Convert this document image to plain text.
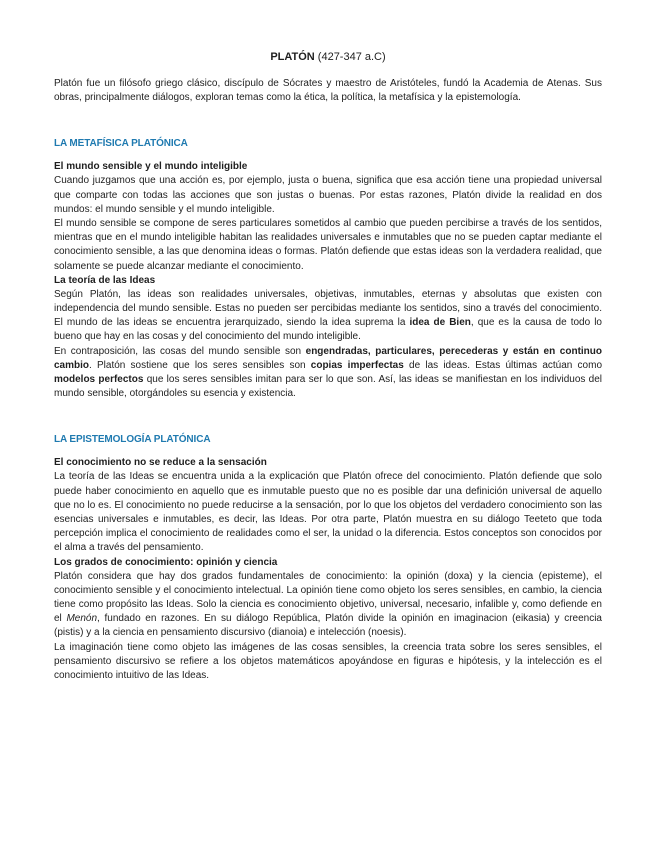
PLATÓN (427-347 a.C)

Platón fue un filósofo griego clásico, discípulo de Sócrates y maestro de Aristóteles, fundó la Academia de Atenas. Sus obras, principalmente diálogos, exploran temas como la ética, la política, la metafísica y la epistemología.

LA METAFÍSICA PLATÓNICA
El mundo sensible y el mundo inteligible

Cuando juzgamos que una acción es, por ejemplo, justa o buena, significa que esa acción tiene una propiedad universal que comparte con todas las acciones que son justas o buenas. Por estas razones, Platón divide la realidad en dos mundos: el mundo sensible y el mundo inteligible.

El mundo sensible se compone de seres particulares sometidos al cambio que pueden percibirse a través de los sentidos, mientras que en el mundo inteligible habitan las realidades universales e inmutables que no se pueden captar mediante el conocimiento sensible, a las que denomina ideas o formas. Platón defiende que estas ideas son la verdadera realidad, que solamente se puede alcanzar mediante el conocimiento.

La teoría de las Ideas

Según Platón, las ideas son realidades universales, objetivas, inmutables, eternas y absolutas que existen con independencia del mundo sensible. Estas no pueden ser percibidas mediante los sentidos, sino a través del conocimiento. El mundo de las ideas se encuentra jerarquizado, siendo la idea suprema la idea de Bien, que es la causa de todo lo bueno que hay en las cosas y del conocimiento del mundo inteligible.

En contraposición, las cosas del mundo sensible son engendradas, particulares, perecederas y están en continuo cambio. Platón sostiene que los seres sensibles son copias imperfectas de las ideas. Estas últimas actúan como modelos perfectos que los seres sensibles imitan para ser lo que son. Así, las ideas se manifiestan en los individuos del mundo sensible, otorgándoles su esencia y existencia.

LA EPISTEMOLOGÍA PLATÓNICA
El conocimiento no se reduce a la sensación

La teoría de las Ideas se encuentra unida a la explicación que Platón ofrece del conocimiento. Platón defiende que solo puede haber conocimiento en aquello que es inmutable puesto que no es posible dar una definición universal de aquello que no lo es. El conocimiento no puede reducirse a la sensación, por lo que los objetos del verdadero conocimiento son las esencias universales e inmutables, es decir, las Ideas. Por otra parte, Platón muestra en su diálogo Teeteto que toda percepción implica el conocimiento de realidades como el ser, la unidad o la diferencia. Estos conceptos son conocidos por el alma a través del pensamiento.

Los grados de conocimiento: opinión y ciencia

Platón considera que hay dos grados fundamentales de conocimiento: la opinión (doxa) y la ciencia (episteme), el conocimiento sensible y el conocimiento intelectual. La opinión tiene como objeto los seres sensibles, en cambio, la ciencia tiene como propósito las Ideas. Solo la ciencia es conocimiento objetivo, universal, necesario, infalible y, como defiende en el Menón, fundado en razones. En su diálogo República, Platón divide la opinión en imaginacion (eikasia) y creencia (pistis) y a la ciencia en pensamiento discursivo (dianoia) e intelección (noesis).

La imaginación tiene como objeto las imágenes de las cosas sensibles, la creencia trata sobre los seres sensibles, el pensamiento discursivo se refiere a los objetos matemáticos apoyándose en figuras e hipótesis, y la intelección es el conocimiento intuitivo de las Ideas.
